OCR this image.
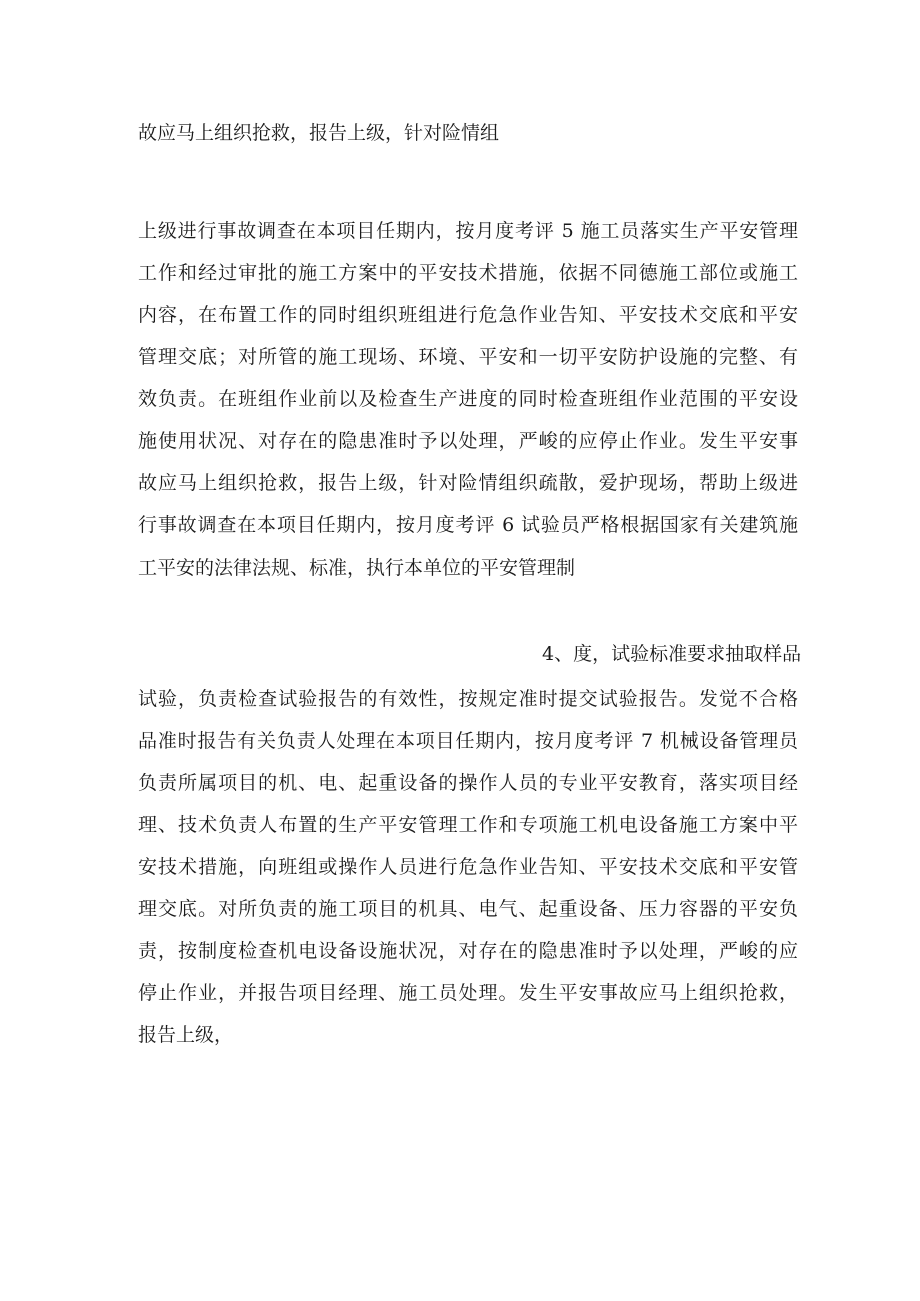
故应马上组织抢救，报告上级，针对险情组
上级进行事故调查在本项目任期内，按月度考评 5 施工员落实生产平安管理
工作和经过审批的施工方案中的平安技术措施，依据不同德施工部位或施工
内容，在布置工作的同时组织班组进行危急作业告知、平安技术交底和平安
管理交底；对所管的施工现场、环境、平安和一切平安防护设施的完整、有
效负责。在班组作业前以及检查生产进度的同时检查班组作业范围的平安设
施使用状况、对存在的隐患准时予以处理，严峻的应停止作业。发生平安事
故应马上组织抢救，报告上级，针对险情组织疏散，爱护现场，帮助上级进
行事故调查在本项目任期内，按月度考评 6 试验员严格根据国家有关建筑施
工平安的法律法规、标准，执行本单位的平安管理制
4、度，试验标准要求抽取样品
试验，负责检查试验报告的有效性，按规定准时提交试验报告。发觉不合格
品准时报告有关负责人处理在本项目任期内，按月度考评 7 机械设备管理员
负责所属项目的机、电、起重设备的操作人员的专业平安教育，落实项目经
理、技术负责人布置的生产平安管理工作和专项施工机电设备施工方案中平
安技术措施，向班组或操作人员进行危急作业告知、平安技术交底和平安管
理交底。对所负责的施工项目的机具、电气、起重设备、压力容器的平安负
责，按制度检查机电设备设施状况，对存在的隐患准时予以处理，严峻的应
停止作业，并报告项目经理、施工员处理。发生平安事故应马上组织抢救，
报告上级，
